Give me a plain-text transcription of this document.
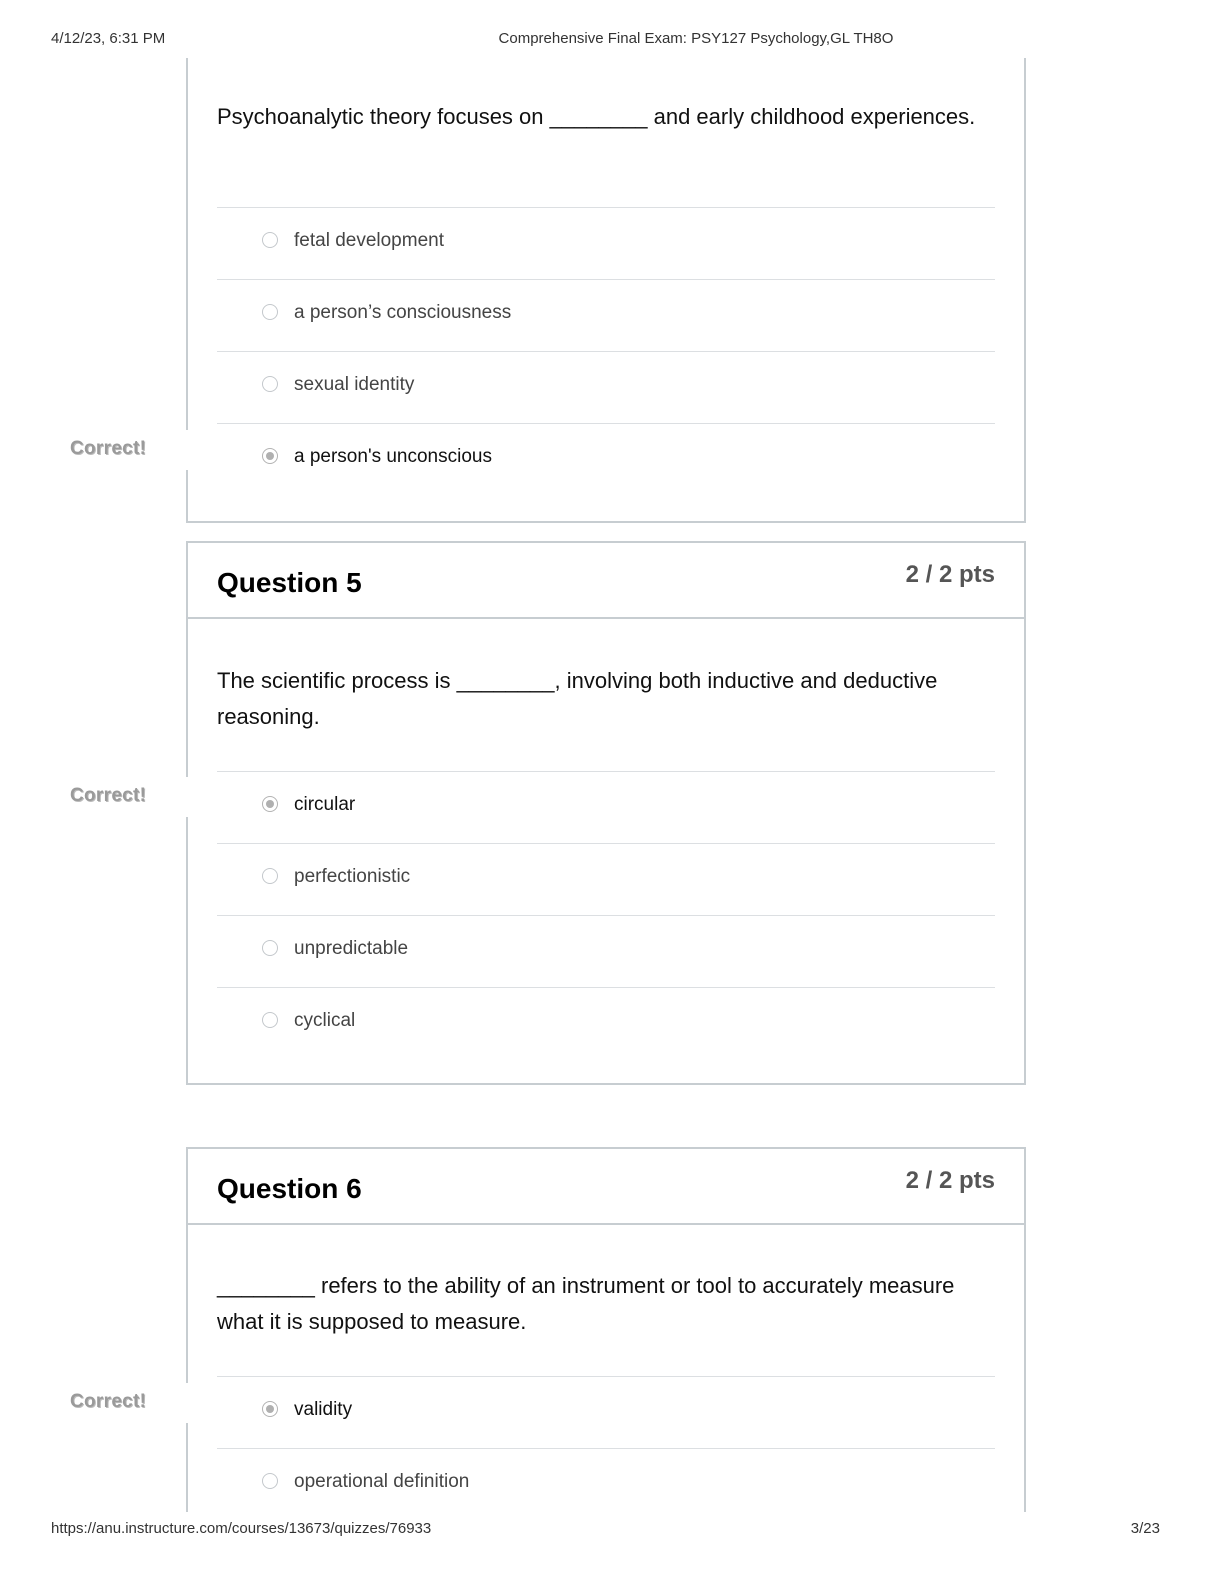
4/12/23, 6:31 PM	Comprehensive Final Exam: PSY127 Psychology,GL TH8O
Psychoanalytic theory focuses on ________ and early childhood experiences.
fetal development
a person’s consciousness
sexual identity
a person's unconscious
Correct!
Question 5	2 / 2 pts
The scientific process is ________, involving both inductive and deductive reasoning.
circular
perfectionistic
unpredictable
cyclical
Correct!
Question 6	2 / 2 pts
________ refers to the ability of an instrument or tool to accurately measure what it is supposed to measure.
validity
operational definition
Correct!
https://anu.instructure.com/courses/13673/quizzes/76933	3/23
